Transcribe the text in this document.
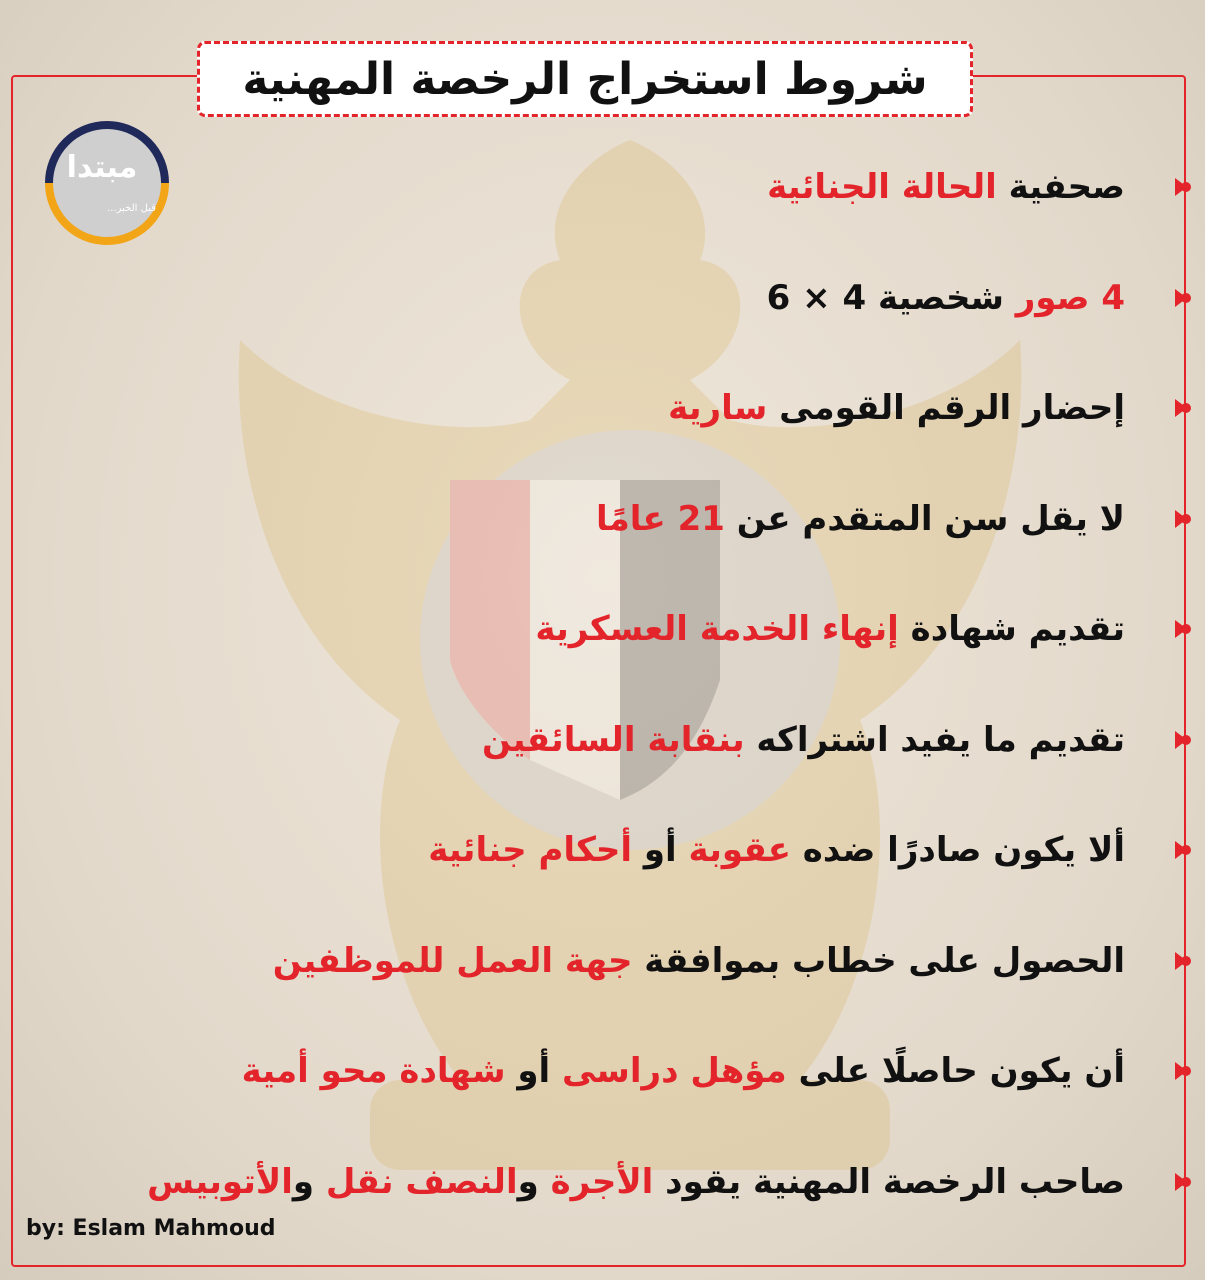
شروط استخراج الرخصة المهنية
مبتدا
قبل الخبر...
صحفية
الحالة الجنائية
4 صور
شخصية 4 × 6
إحضار الرقم القومى
سارية
لا يقل سن المتقدم عن
21 عامًا
تقديم شهادة
إنهاء الخدمة العسكرية
تقديم ما يفيد اشتراكه
بنقابة السائقين
ألا يكون صادرًا ضده
عقوبة
أو
أحكام جنائية
الحصول على خطاب بموافقة
جهة العمل للموظفين
أن يكون حاصلًا على
مؤهل دراسى
أو
شهادة محو أمية
صاحب الرخصة المهنية يقود
الأجرة
و
النصف نقل
و
الأتوبيس
by: Eslam Mahmoud
